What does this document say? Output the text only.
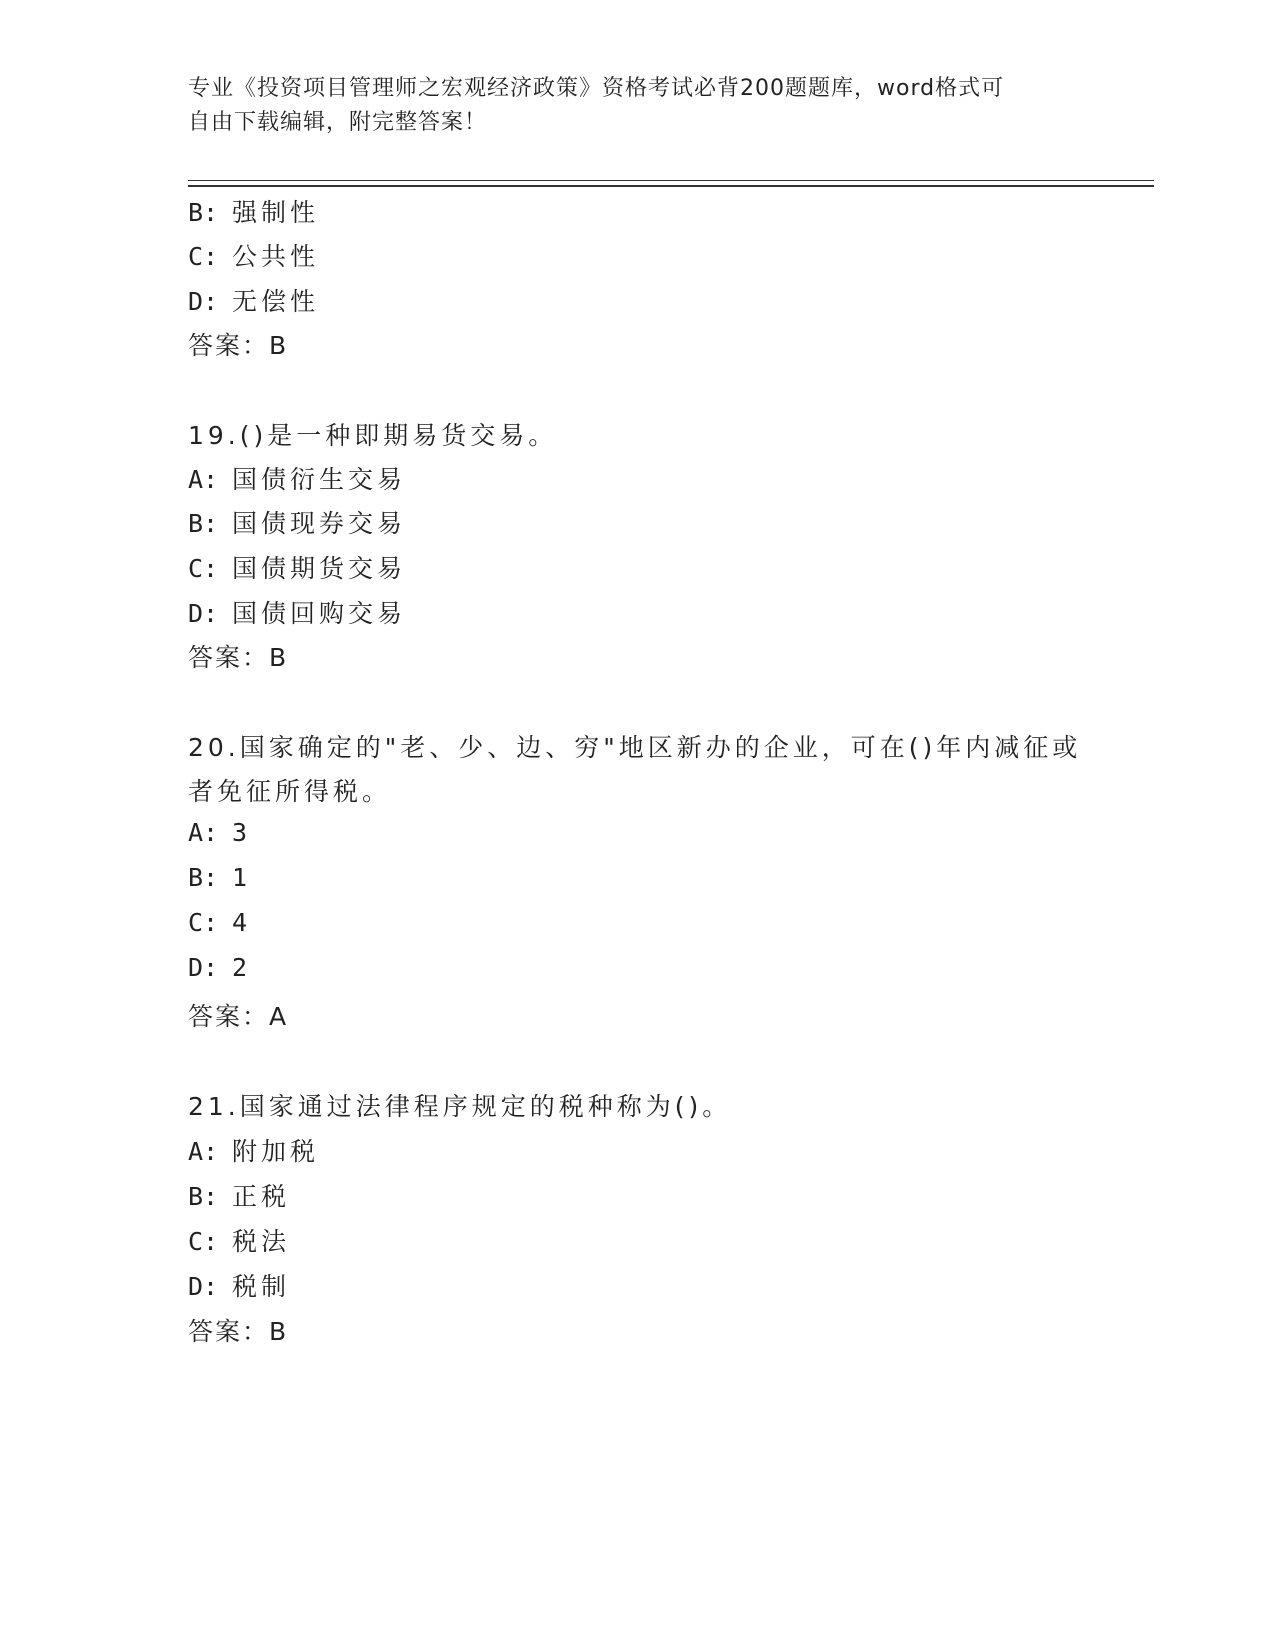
专业《投资项目管理师之宏观经济政策》资格考试必背200题题库，word格式可
自由下载编辑，附完整答案！
B: 强制性
C: 公共性
D: 无偿性
答案：B
19.()是一种即期易货交易。
A: 国债衍生交易
B: 国债现券交易
C: 国债期货交易
D: 国债回购交易
答案：B
20.国家确定的"老、少、边、穷"地区新办的企业，可在()年内减征或
者免征所得税。
A: 3
B: 1
C: 4
D: 2
答案：A
21.国家通过法律程序规定的税种称为()。
A: 附加税
B: 正税
C: 税法
D: 税制
答案：B
